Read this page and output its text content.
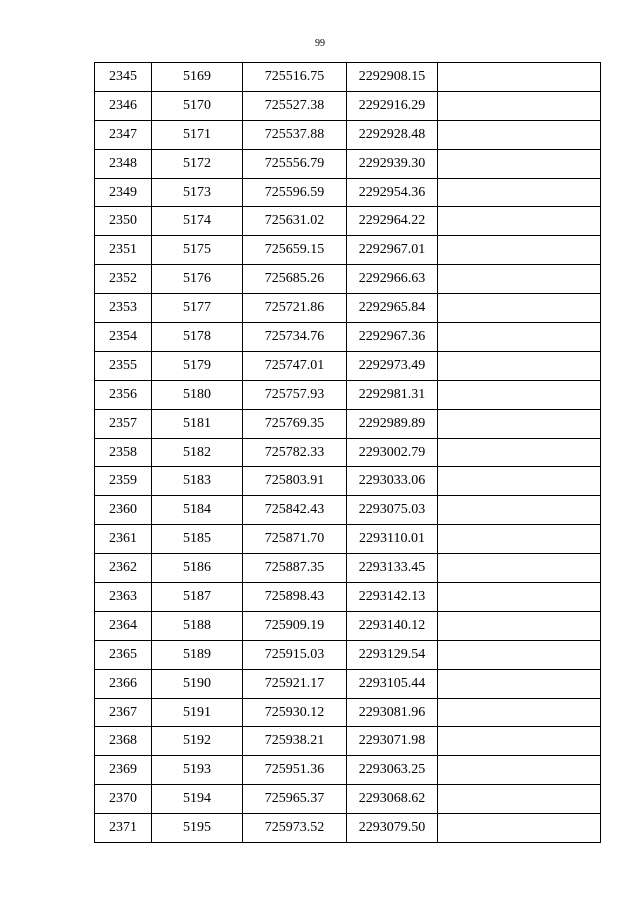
99
2345	5169	725516.75	2292908.15	
2346	5170	725527.38	2292916.29	
2347	5171	725537.88	2292928.48	
2348	5172	725556.79	2292939.30	
2349	5173	725596.59	2292954.36	
2350	5174	725631.02	2292964.22	
2351	5175	725659.15	2292967.01	
2352	5176	725685.26	2292966.63	
2353	5177	725721.86	2292965.84	
2354	5178	725734.76	2292967.36	
2355	5179	725747.01	2292973.49	
2356	5180	725757.93	2292981.31	
2357	5181	725769.35	2292989.89	
2358	5182	725782.33	2293002.79	
2359	5183	725803.91	2293033.06	
2360	5184	725842.43	2293075.03	
2361	5185	725871.70	2293110.01	
2362	5186	725887.35	2293133.45	
2363	5187	725898.43	2293142.13	
2364	5188	725909.19	2293140.12	
2365	5189	725915.03	2293129.54	
2366	5190	725921.17	2293105.44	
2367	5191	725930.12	2293081.96	
2368	5192	725938.21	2293071.98	
2369	5193	725951.36	2293063.25	
2370	5194	725965.37	2293068.62	
2371	5195	725973.52	2293079.50	
